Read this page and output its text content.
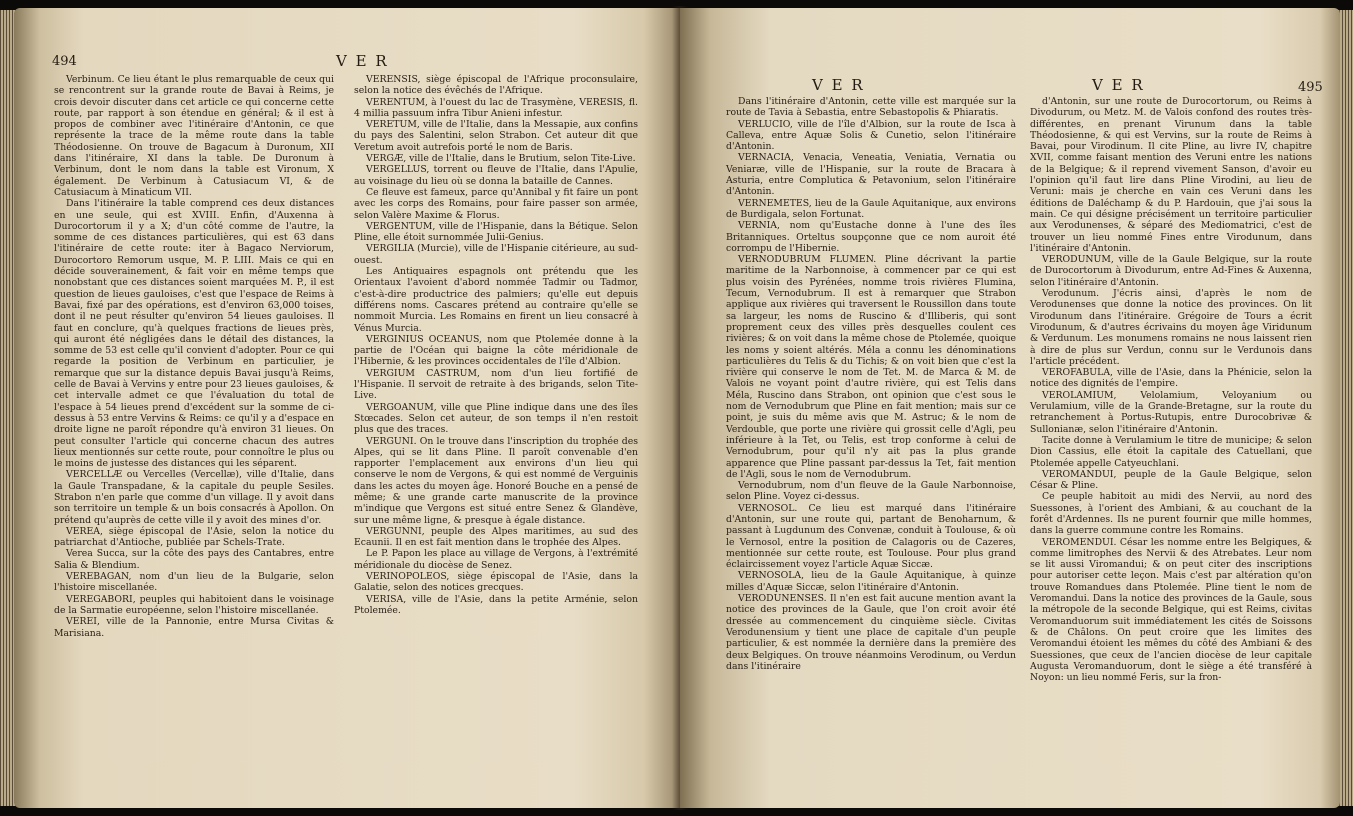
494	V E R

Verbinum. Ce lieu étant le plus remarquable de ceux qui se rencontrent sur la grande route de Bavai à Reims, je crois devoir discuter dans cet article ce qui concerne cette route, par rapport à son étendue en général; & il est à propos de combiner avec l'itinéraire d'Antonin, ce que représente la trace de la même route dans la table Théodosienne. On trouve de Bagacum à Duronum, XII dans l'itinéraire, XI dans la table. De Duronum à Verbinum, dont le nom dans la table est Vironum, X également. De Verbinum à Catusiacum VI, & de Catusiacum à Minaticum VII.

Dans l'itinéraire la table comprend ces deux distances en une seule, qui est XVIII. Enfin, d'Auxenna à Durocortorum il y a X; d'un côté comme de l'autre, la somme de ces distances particulières, qui est 63 dans l'itinéraire de cette route: iter à Bagaco Nerviorum, Durocortoro Remorum usque, M. P. LIII. Mais ce qui en décide souverainement, & fait voir en même temps que nonobstant que ces distances soient marquées M. P., il est question de lieues gauloises, c'est que l'espace de Reims à Bavai, fixé par des opérations, est d'environ 63,000 toises, dont il ne peut résulter qu'environ 54 lieues gauloises. Il faut en conclure, qu'à quelques fractions de lieues près, qui auront été négligées dans le détail des distances, la somme de 53 est celle qu'il convient d'adopter. Pour ce qui regarde la position de Verbinum en particulier, je remarque que sur la distance depuis Bavai jusqu'à Reims, celle de Bavai à Vervins y entre pour 23 lieues gauloises, & cet intervalle admet ce que l'évaluation du total de l'espace à 54 lieues prend d'excédent sur la somme de ci-dessus à 53 entre Vervins & Reims: ce qu'il y a d'espace en droite ligne ne paroît répondre qu'à environ 31 lieues. On peut consulter l'article qui concerne chacun des autres lieux mentionnés sur cette route, pour connoître le plus ou le moins de justesse des distances qui les séparent.

VERCELLÆ ou Vercelles (Vercellæ), ville d'Italie, dans la Gaule Transpadane, & la capitale du peuple Sesiles. Strabon n'en parle que comme d'un village. Il y avoit dans son territoire un temple & un bois consacrés à Apollon. On prétend qu'auprès de cette ville il y avoit des mines d'or.

VEREA, siège épiscopal de l'Asie, selon la notice du patriarchat d'Antioche, publiée par Schels-Trate.

Verea Succa, sur la côte des pays des Cantabres, entre Salia & Blendium.

VEREBAGAN, nom d'un lieu de la Bulgarie, selon l'histoire miscellanée.

VEREGABORI, peuples qui habitoient dans le voisinage de la Sarmatie européenne, selon l'histoire miscellanée.

VEREI, ville de la Pannonie, entre Mursa Civitas & Marisiana.

VERENSIS, siège épiscopal de l'Afrique proconsulaire, selon la notice des évêchés de l'Afrique.

VERENTUM, à l'ouest du lac de Trasymène, VERESIS, fl. 4 millia passuum infra Tibur Anieni infestur.

VERETUM, ville de l'Italie, dans la Messapie, aux confins du pays des Salentini, selon Strabon. Cet auteur dit que Veretum avoit autrefois porté le nom de Baris.

VERGÆ, ville de l'Italie, dans le Brutium, selon Tite-Live.

VERGELLUS, torrent ou fleuve de l'Italie, dans l'Apulie, au voisinage du lieu où se donna la bataille de Cannes.

Ce fleuve est fameux, parce qu'Annibal y fit faire un pont avec les corps des Romains, pour faire passer son armée, selon Valère Maxime & Florus.

VERGENTUM, ville de l'Hispanie, dans la Bétique. Selon Pline, elle étoit surnommée Julii-Genius.

VERGILIA (Murcie), ville de l'Hispanie citérieure, au sud-ouest.

Les Antiquaires espagnols ont prétendu que les Orientaux l'avoient d'abord nommée Tadmir ou Tadmor, c'est-à-dire productrice des palmiers; qu'elle eut depuis différens noms. Cascares prétend au contraire qu'elle se nommoit Murcia. Les Romains en firent un lieu consacré à Vénus Murcia.

VERGINIUS OCEANUS, nom que Ptolemée donne à la partie de l'Océan qui baigne la côte méridionale de l'Hibernie, & les provinces occidentales de l'île d'Albion.

VERGIUM CASTRUM, nom d'un lieu fortifié de l'Hispanie. Il servoit de retraite à des brigands, selon Tite-Live.

VERGOANUM, ville que Pline indique dans une des îles Stœcades. Selon cet auteur, de son temps il n'en restoit plus que des traces.

VERGUNI. On le trouve dans l'inscription du trophée des Alpes, qui se lit dans Pline. Il paroît convenable d'en rapporter l'emplacement aux environs d'un lieu qui conserve le nom de Vergons, & qui est nommé de Verguinis dans les actes du moyen âge. Honoré Bouche en a pensé de même; & une grande carte manuscrite de la province m'indique que Vergons est situé entre Senez & Glandève, sur une même ligne, & presque à égale distance.

VERGUNNI, peuple des Alpes maritimes, au sud des Ecaunii. Il en est fait mention dans le trophée des Alpes.

Le P. Papon les place au village de Vergons, à l'extrémité méridionale du diocèse de Senez.

VERINOPOLEOS, siège épiscopal de l'Asie, dans la Galatie, selon des notices grecques.

VERISA, ville de l'Asie, dans la petite Arménie, selon Ptolemée.

V E R	V E R	495

Dans l'itinéraire d'Antonin, cette ville est marquée sur la route de Tavia à Sebastia, entre Sebastopolis & Phiaratis.

VERLUCIO, ville de l'île d'Albion, sur la route de Isca à Calleva, entre Aquæ Solis & Cunetio, selon l'itinéraire d'Antonin.

VERNACIA, Venacia, Veneatia, Veniatia, Vernatia ou Veniaræ, ville de l'Hispanie, sur la route de Bracara à Asturia, entre Complutica & Petavonium, selon l'itinéraire d'Antonin.

VERNEMETES, lieu de la Gaule Aquitanique, aux environs de Burdigala, selon Fortunat.

VERNIA, nom qu'Eustache donne à l'une des îles Britanniques. Orteltus soupçonne que ce nom auroit été corrompu de l'Hibernie.

VERNODUBRUM FLUMEN. Pline décrivant la partie maritime de la Narbonnoise, à commencer par ce qui est plus voisin des Pyrénées, nomme trois rivières Flumina, Tecum, Vernodubrum. Il est à remarquer que Strabon applique aux rivières qui traversent le Roussillon dans toute sa largeur, les noms de Ruscino & d'Illiberis, qui sont proprement ceux des villes près desquelles coulent ces rivières; & on voit dans la même chose de Ptolemée, quoique les noms y soient altérés. Méla a connu les dénominations particulières du Telis & du Tichis; & on voit bien que c'est la rivière qui conserve le nom de Tet. M. de Marca & M. de Valois ne voyant point d'autre rivière, qui est Telis dans Méla, Ruscino dans Strabon, ont opinion que c'est sous le nom de Vernodubrum que Pline en fait mention; mais sur ce point, je suis du même avis que M. Astruc; & le nom de Verdouble, que porte une rivière qui grossit celle d'Agli, peu inférieure à la Tet, ou Telis, est trop conforme à celui de Vernodubrum, pour qu'il n'y ait pas la plus grande apparence que Pline passant par-dessus la Tet, fait mention de l'Agli, sous le nom de Vernodubrum.

Vernodubrum, nom d'un fleuve de la Gaule Narbonnoise, selon Pline. Voyez ci-dessus.

VERNOSOL. Ce lieu est marqué dans l'itinéraire d'Antonin, sur une route qui, partant de Benoharnum, & passant à Lugdunum des Convenæ, conduit à Toulouse, & où le Vernosol, entre la position de Calagoris ou de Cazeres, mentionnée sur cette route, est Toulouse. Pour plus grand éclaircissement voyez l'article Aquæ Siccæ.

VERNOSOLA, lieu de la Gaule Aquitanique, à quinze milles d'Aquæ Siccæ, selon l'itinéraire d'Antonin.

VERODUNENSES. Il n'en est fait aucune mention avant la notice des provinces de la Gaule, que l'on croit avoir été dressée au commencement du cinquième siècle. Civitas Verodunensium y tient une place de capitale d'un peuple particulier, & est nommée la dernière dans la première des deux Belgiques. On trouve néanmoins Verodinum, ou Verdun dans l'itinéraire

d'Antonin, sur une route de Durocortorum, ou Reims à Divodurum, ou Metz. M. de Valois confond des routes très-différentes, en prenant Virunum dans la table Théodosienne, & qui est Vervins, sur la route de Reims à Bavai, pour Virodinum. Il cite Pline, au livre IV, chapitre XVII, comme faisant mention des Veruni entre les nations de la Belgique; & il reprend vivement Sanson, d'avoir eu l'opinion qu'il faut lire dans Pline Virodini, au lieu de Veruni: mais je cherche en vain ces Veruni dans les éditions de Daléchamp & du P. Hardouin, que j'ai sous la main. Ce qui désigne précisément un territoire particulier aux Verodunenses, & séparé des Mediomatrici, c'est de trouver un lieu nommé Fines entre Virodunum, dans l'itinéraire d'Antonin.

VERODUNUM, ville de la Gaule Belgique, sur la route de Durocortorum à Divodurum, entre Ad-Fines & Auxenna, selon l'itinéraire d'Antonin.

Verodunum. J'écris ainsi, d'après le nom de Verodunenses que donne la notice des provinces. On lit Virodunum dans l'itinéraire. Grégoire de Tours a écrit Virodunum, & d'autres écrivains du moyen âge Viridunum & Verdunum. Les monumens romains ne nous laissent rien à dire de plus sur Verdun, connu sur le Verdunois dans l'article précédent.

VEROFABULA, ville de l'Asie, dans la Phénicie, selon la notice des dignités de l'empire.

VEROLAMIUM, Velolamium, Veloyanium ou Verulamium, ville de la Grande-Bretagne, sur la route du retranchement à Portus-Rutupis, entre Durocobrivæ & Sullonianæ, selon l'itinéraire d'Antonin.

Tacite donne à Verulamium le titre de municipe; & selon Dion Cassius, elle étoit la capitale des Catuellani, que Ptolemée appelle Catyeuchlani.

VEROMANDUI, peuple de la Gaule Belgique, selon César & Pline.

Ce peuple habitoit au midi des Nervii, au nord des Suessones, à l'orient des Ambiani, & au couchant de la forêt d'Ardennes. Ils ne purent fournir que mille hommes, dans la guerre commune contre les Romains.

VEROMENDUI. César les nomme entre les Belgiques, & comme limitrophes des Nervii & des Atrebates. Leur nom se lit aussi Viromandui; & on peut citer des inscriptions pour autoriser cette leçon. Mais c'est par altération qu'on trouve Romandues dans Ptolemée. Pline tient le nom de Veromandui. Dans la notice des provinces de la Gaule, sous la métropole de la seconde Belgique, qui est Reims, civitas Veromanduorum suit immédiatement les cités de Soissons & de Châlons. On peut croire que les limites des Veromandui étoient les mêmes du côté des Ambiani & des Suessiones, que ceux de l'ancien diocèse de leur capitale Augusta Veromanduorum, dont le siège a été transféré à Noyon: un lieu nommé Feris, sur la fron-
